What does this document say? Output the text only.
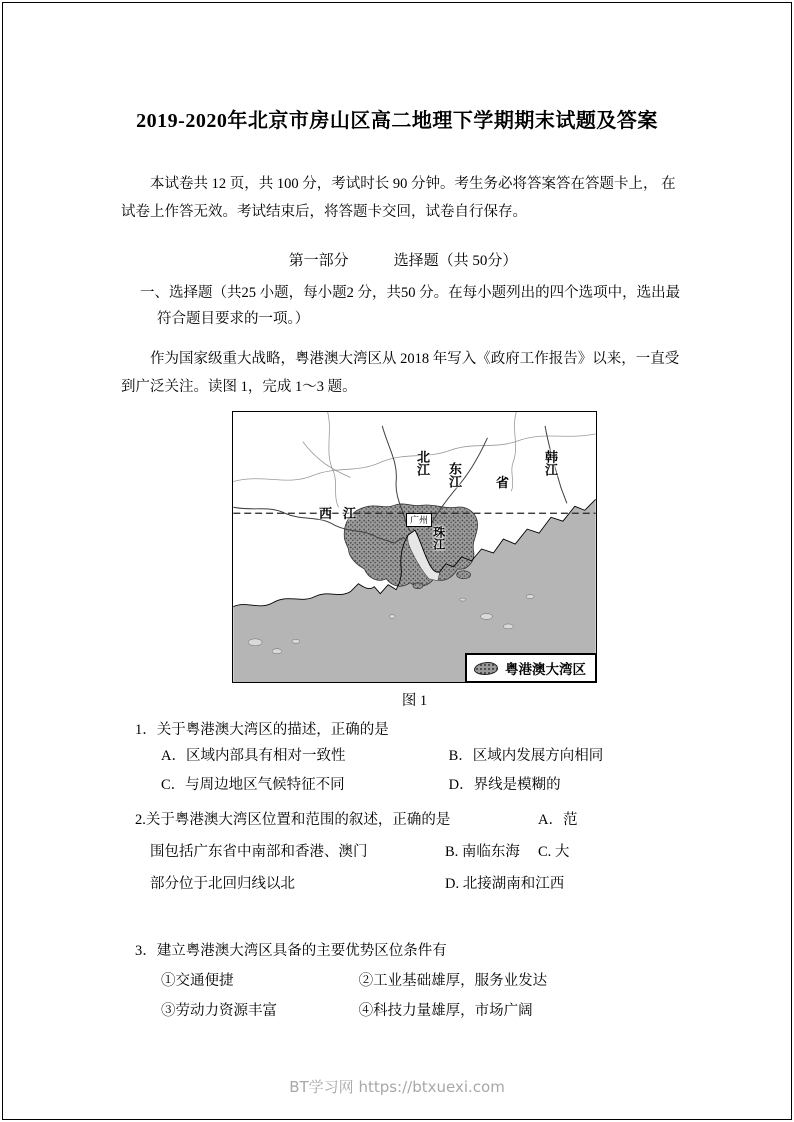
2019-2020年北京市房山区高二地理下学期期末试题及答案

本试卷共 12 页，共 100 分，考试时长 90 分钟。考生务必将答案答在答题卡上， 在试卷上作答无效。考试结束后，将答题卡交回，试卷自行保存。

第一部分　　　选择题（共 50分）

一、选择题（共25 小题，每小题2 分，共50 分。在每小题列出的四个选项中，选出最符合题目要求的一项。）

作为国家级重大战略，粤港澳大湾区从 2018 年写入《政府工作报告》以来，一直受到广泛关注。读图 1，完成 1～3 题。

西江
北江 东江	省
韩江
珠江
广州
粤港澳大湾区
图 1
1．关于粤港澳大湾区的描述，正确的是
A．区域内部具有相对一致性	B．区域内发展方向相同
C．与周边地区气候特征不同	D．界线是模糊的
2.关于粤港澳大湾区位置和范围的叙述，正确的是	A．范
围包括广东省中南部和香港、澳门	B. 南临东海 C. 大
部分位于北回归线以北	D. 北接湖南和江西
3．建立粤港澳大湾区具备的主要优势区位条件有
①交通便捷	②工业基础雄厚，服务业发达
③劳动力资源丰富	④科技力量雄厚，市场广阔
BT学习网 https://btxuexi.com
